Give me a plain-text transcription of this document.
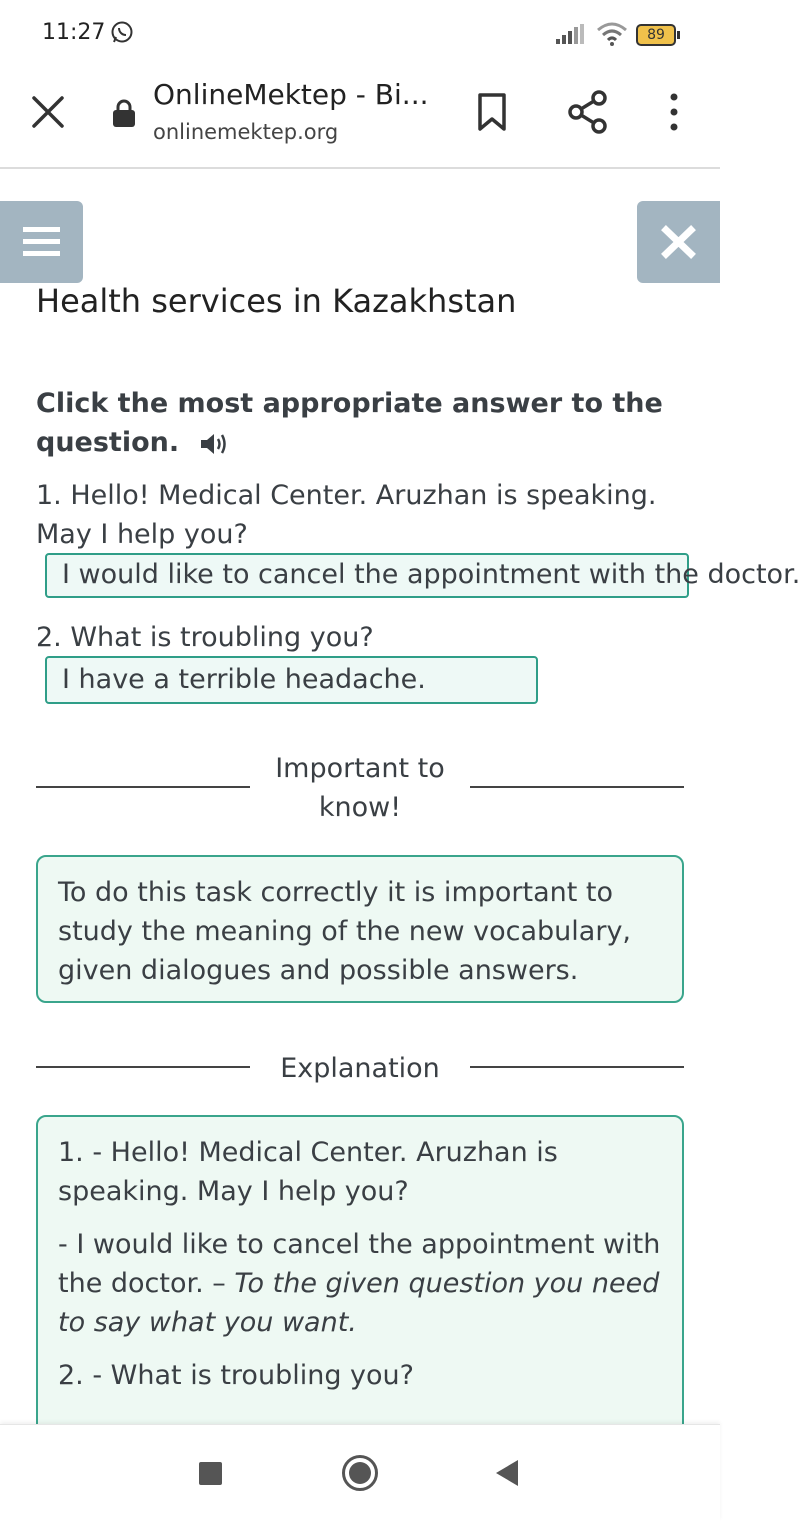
11:27	89
OnlineMektep - Bi...
onlinemektep.org
Health services in Kazakhstan
Click the most appropriate answer to the question.
1. Hello! Medical Center. Aruzhan is speaking. May I help you?
I would like to cancel the appointment with the doctor.
2. What is troubling you?
I have a terrible headache.
Important to know!
To do this task correctly it is important to study the meaning of the new vocabulary, given dialogues and possible answers.
Explanation

1. - Hello! Medical Center. Aruzhan is speaking. May I help you?

- I would like to cancel the appointment with the doctor. – To the given question you need to say what you want.

2. - What is troubling you?
